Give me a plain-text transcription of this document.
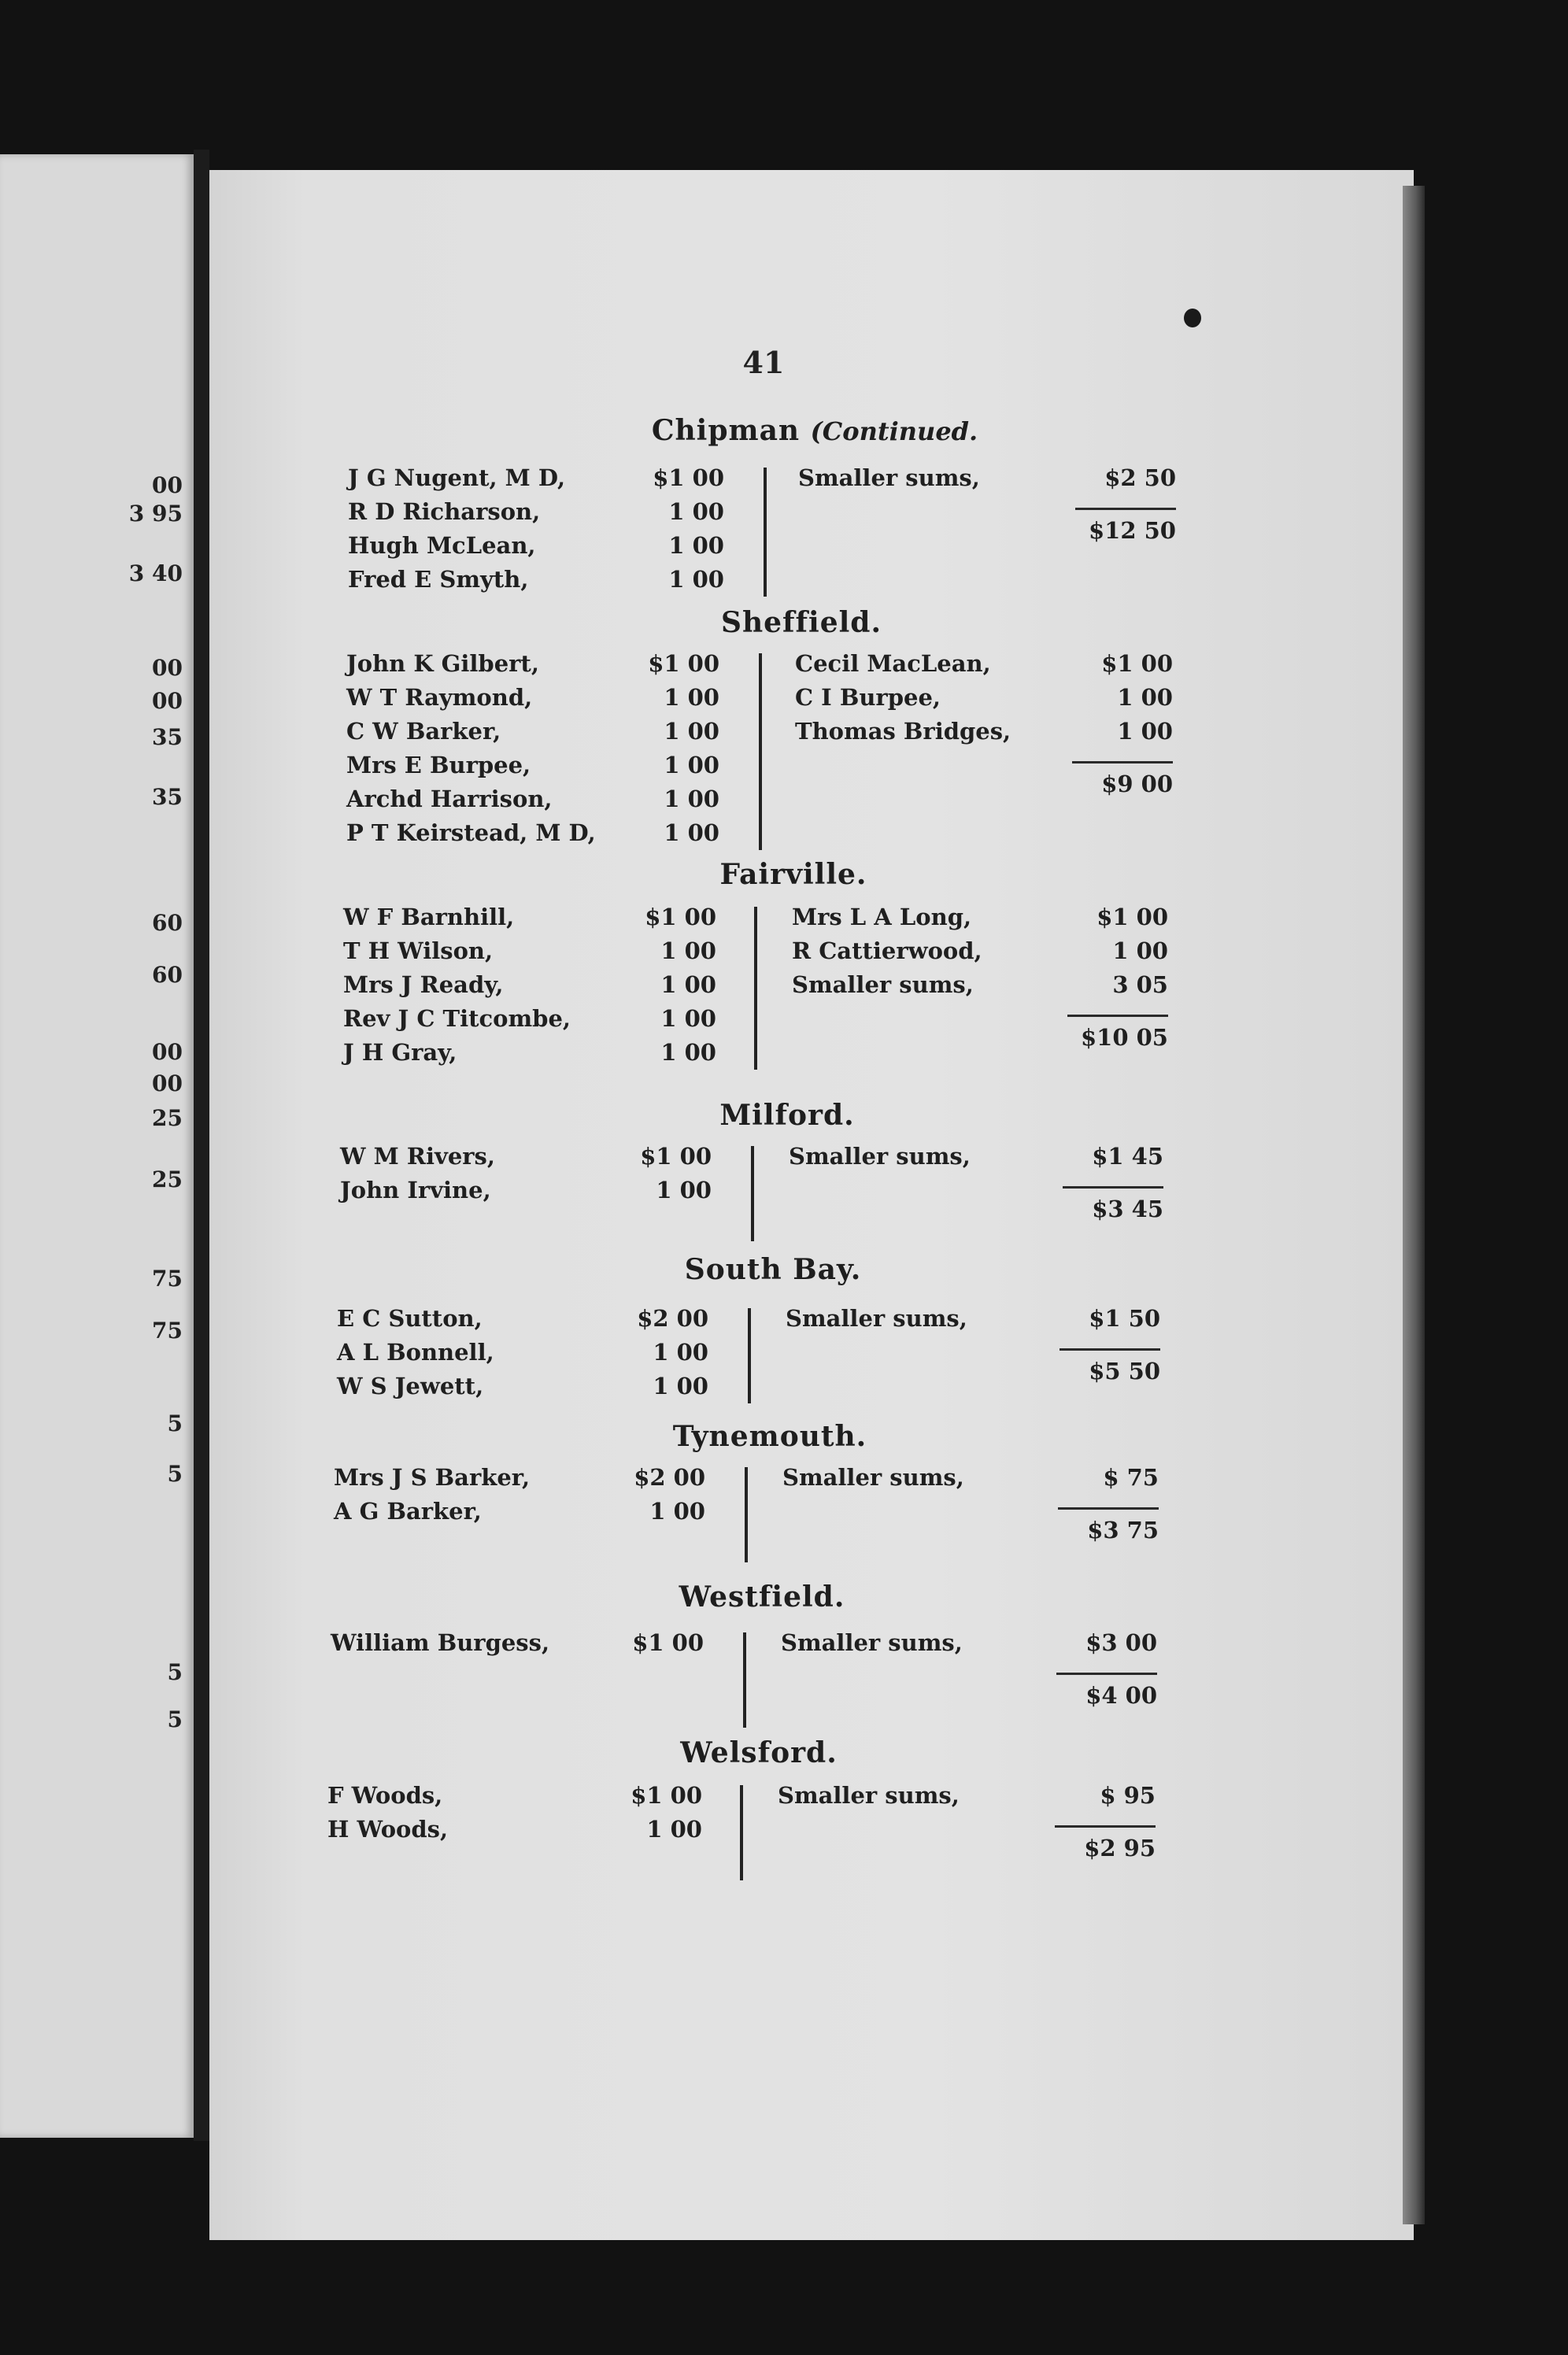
41
00
3 95
3 40
00
00
35
35
60
60
00
00
25
25
75
75
5
5
5
5
Chipman (Continued.
J G Nugent, M D,	$1 00
R D Richarson,	1 00
Hugh McLean,	1 00
Fred E Smyth,	1 00
Smaller sums,	$2 50
$12 50
Sheffield.
John K Gilbert,	$1 00
W T Raymond,	1 00
C W Barker,	1 00
Mrs E Burpee,	1 00
Archd Harrison,	1 00
P T Keirstead, M D,	1 00
Cecil MacLean,	$1 00
C I Burpee,	1 00
Thomas Bridges,	1 00
$9 00
Fairville.
W F Barnhill,	$1 00
T H Wilson,	1 00
Mrs J Ready,	1 00
Rev J C Titcombe,	1 00
J H Gray,	1 00
Mrs L A Long,	$1 00
R Cattierwood,	1 00
Smaller sums,	3 05
$10 05
Milford.
W M Rivers,	$1 00
John Irvine,	1 00
Smaller sums,	$1 45
$3 45
South Bay.
E C Sutton,	$2 00
A L Bonnell,	1 00
W S Jewett,	1 00
Smaller sums,	$1 50
$5 50
Tynemouth.
Mrs J S Barker,	$2 00
A G Barker,	1 00
Smaller sums,	$ 75
$3 75
Westfield.
William Burgess,	$1 00	Smaller sums,	$3 00
$4 00
Welsford.
F Woods,	$1 00
H Woods,	1 00
Smaller sums,	$ 95
$2 95
